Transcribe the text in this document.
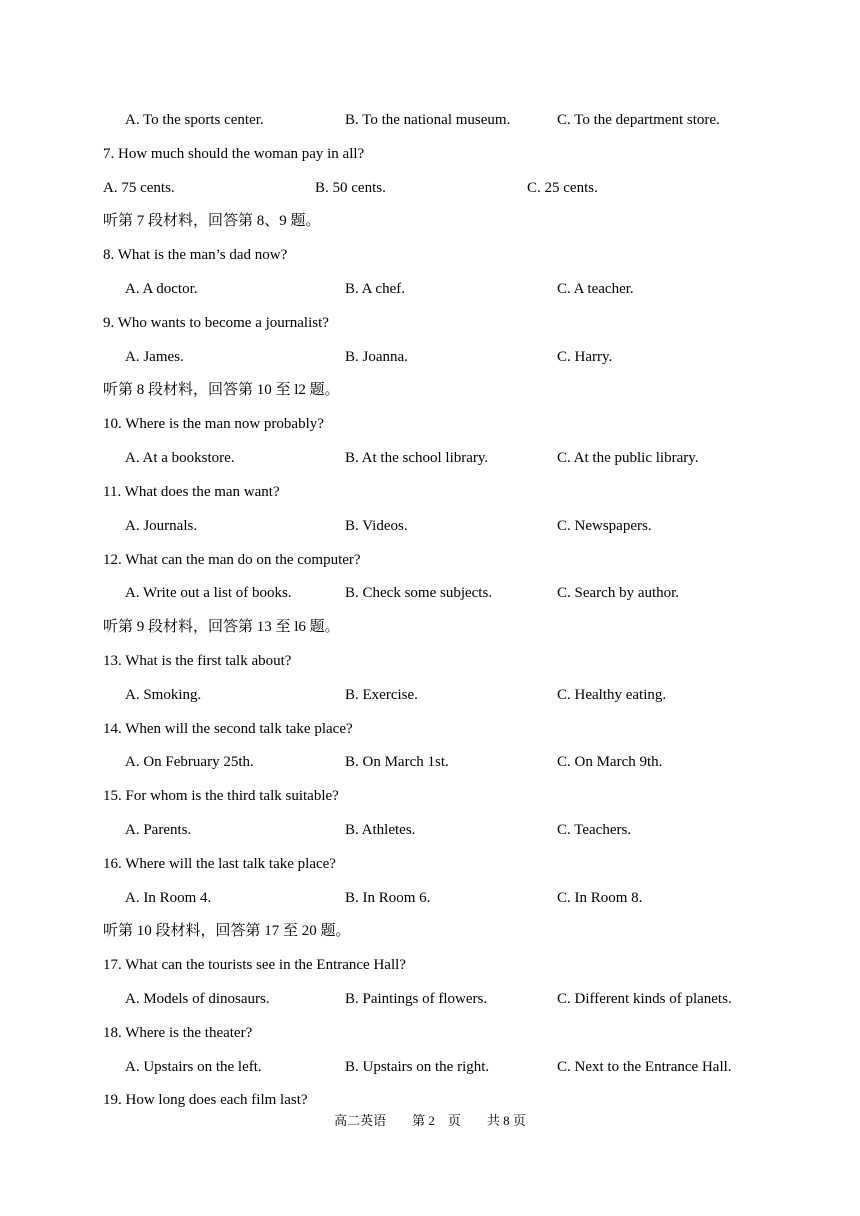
A. To the sports center.	B. To the national museum.	C. To the department store.
7. How much should the woman pay in all?
A. 75 cents.	B. 50 cents.	C. 25 cents.
听第 7 段材料，回答第 8、9 题。
8. What is the man’s dad now?
A. A doctor.	B. A chef.	C. A teacher.
9. Who wants to become a journalist?
A. James.	B. Joanna.	C. Harry.
听第 8 段材料，回答第 10 至 l2 题。
10. Where is the man now probably?
A. At a bookstore.	B. At the school library.	C. At the public library.
11. What does the man want?
A. Journals.	B. Videos.	C. Newspapers.
12. What can the man do on the computer?
A. Write out a list of books.	B. Check some subjects.	C. Search by author.
听第 9 段材料，回答第 13 至 l6 题。
13. What is the first talk about?
A. Smoking.	B. Exercise.	C. Healthy eating.
14. When will the second talk take place?
A. On February 25th.	B. On March 1st.	C. On March 9th.
15. For whom is the third talk suitable?
A. Parents.	B. Athletes.	C. Teachers.
16. Where will the last talk take place?
A. In Room 4.	B. In Room 6.	C. In Room 8.
听第 10 段材料，回答第 17 至 20 题。
17. What can the tourists see in the Entrance Hall?
A. Models of dinosaurs.	B. Paintings of flowers.	C. Different kinds of planets.
18. Where is the theater?
A. Upstairs on the left.	B. Upstairs on the right.	C. Next to the Entrance Hall.
19. How long does each film last?
高二英语　　第 2　页　　共 8 页
